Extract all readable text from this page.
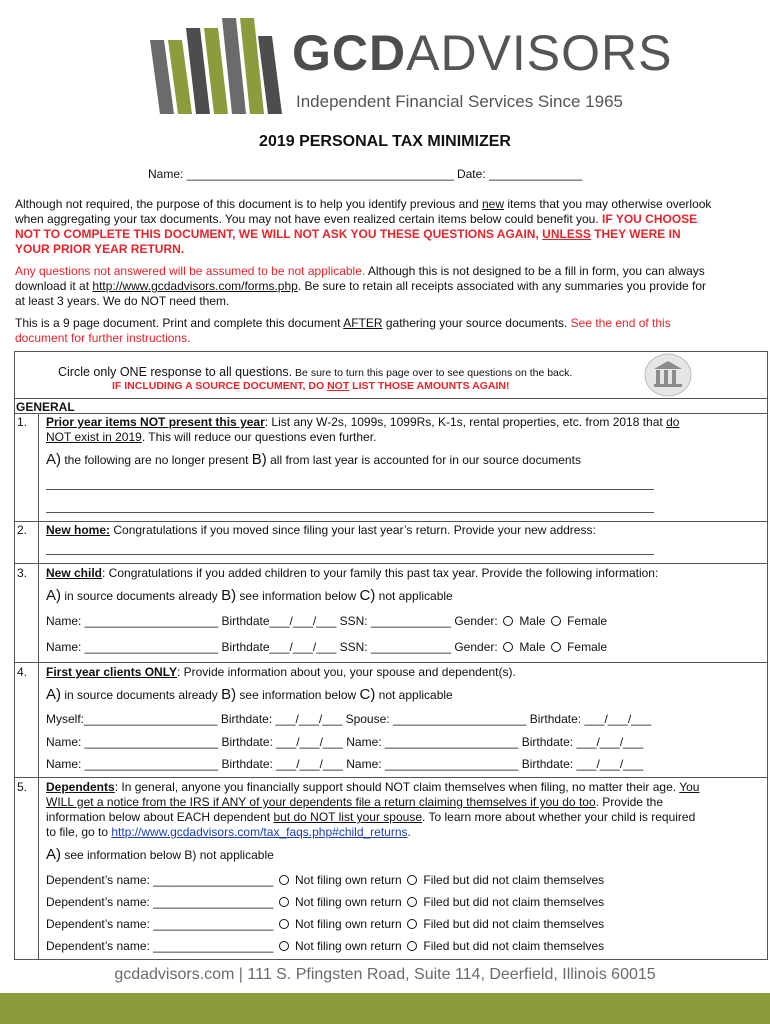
GCDADVISORS
Independent Financial Services Since 1965
2019 PERSONAL TAX MINIMIZER
Name: ________________________________________ Date: ______________
Although not required, the purpose of this document is to help you identify previous and new items that you may otherwise overlook
when aggregating your tax documents. You may not have even realized certain items below could benefit you. IF YOU CHOOSE
NOT TO COMPLETE THIS DOCUMENT, WE WILL NOT ASK YOU THESE QUESTIONS AGAIN, UNLESS THEY WERE IN
YOUR PRIOR YEAR RETURN.
Any questions not answered will be assumed to be not applicable. Although this is not designed to be a fill in form, you can always
download it at http://www.gcdadvisors.com/forms.php. Be sure to retain all receipts associated with any summaries you provide for
at least 3 years. We do NOT need them.
This is a 9 page document. Print and complete this document AFTER gathering your source documents. See the end of this
document for further instructions.
Circle only ONE response to all questions. Be sure to turn this page over to see questions on the back.
IF INCLUDING A SOURCE DOCUMENT, DO NOT LIST THOSE AMOUNTS AGAIN!
GENERAL
1. Prior year items NOT present this year: List any W-2s, 1099s, 1099Rs, K-1s, rental properties, etc. from 2018 that do
NOT exist in 2019. This will reduce our questions even further.
A) the following are no longer present B) all from last year is accounted for in our source documents
2. New home: Congratulations if you moved since filing your last year’s return. Provide your new address:
3. New child: Congratulations if you added children to your family this past tax year. Provide the following information:
A) in source documents already B) see information below C) not applicable
Name: ____________________ Birthdate___/___/___ SSN: ____________ Gender:  Male  Female
Name: ____________________ Birthdate___/___/___ SSN: ____________ Gender:  Male  Female
4. First year clients ONLY: Provide information about you, your spouse and dependent(s).
A) in source documents already B) see information below C) not applicable
Myself:____________________ Birthdate: ___/___/___ Spouse: ____________________ Birthdate: ___/___/___
Name: ____________________ Birthdate: ___/___/___ Name: ____________________ Birthdate: ___/___/___
Name: ____________________ Birthdate: ___/___/___ Name: ____________________ Birthdate: ___/___/___
5. Dependents: In general, anyone you financially support should NOT claim themselves when filing, no matter their age. You
WILL get a notice from the IRS if ANY of your dependents file a return claiming themselves if you do too. Provide the
information below about EACH dependent but do NOT list your spouse. To learn more about whether your child is required
to file, go to http://www.gcdadvisors.com/tax_faqs.php#child_returns.
A) see information below B) not applicable
Dependent’s name: __________________  Not filing own return  Filed but did not claim themselves
Dependent’s name: __________________  Not filing own return  Filed but did not claim themselves
Dependent’s name: __________________  Not filing own return  Filed but did not claim themselves
Dependent’s name: __________________  Not filing own return  Filed but did not claim themselves
gcdadvisors.com | 111 S. Pfingsten Road, Suite 114, Deerfield, Illinois 60015
